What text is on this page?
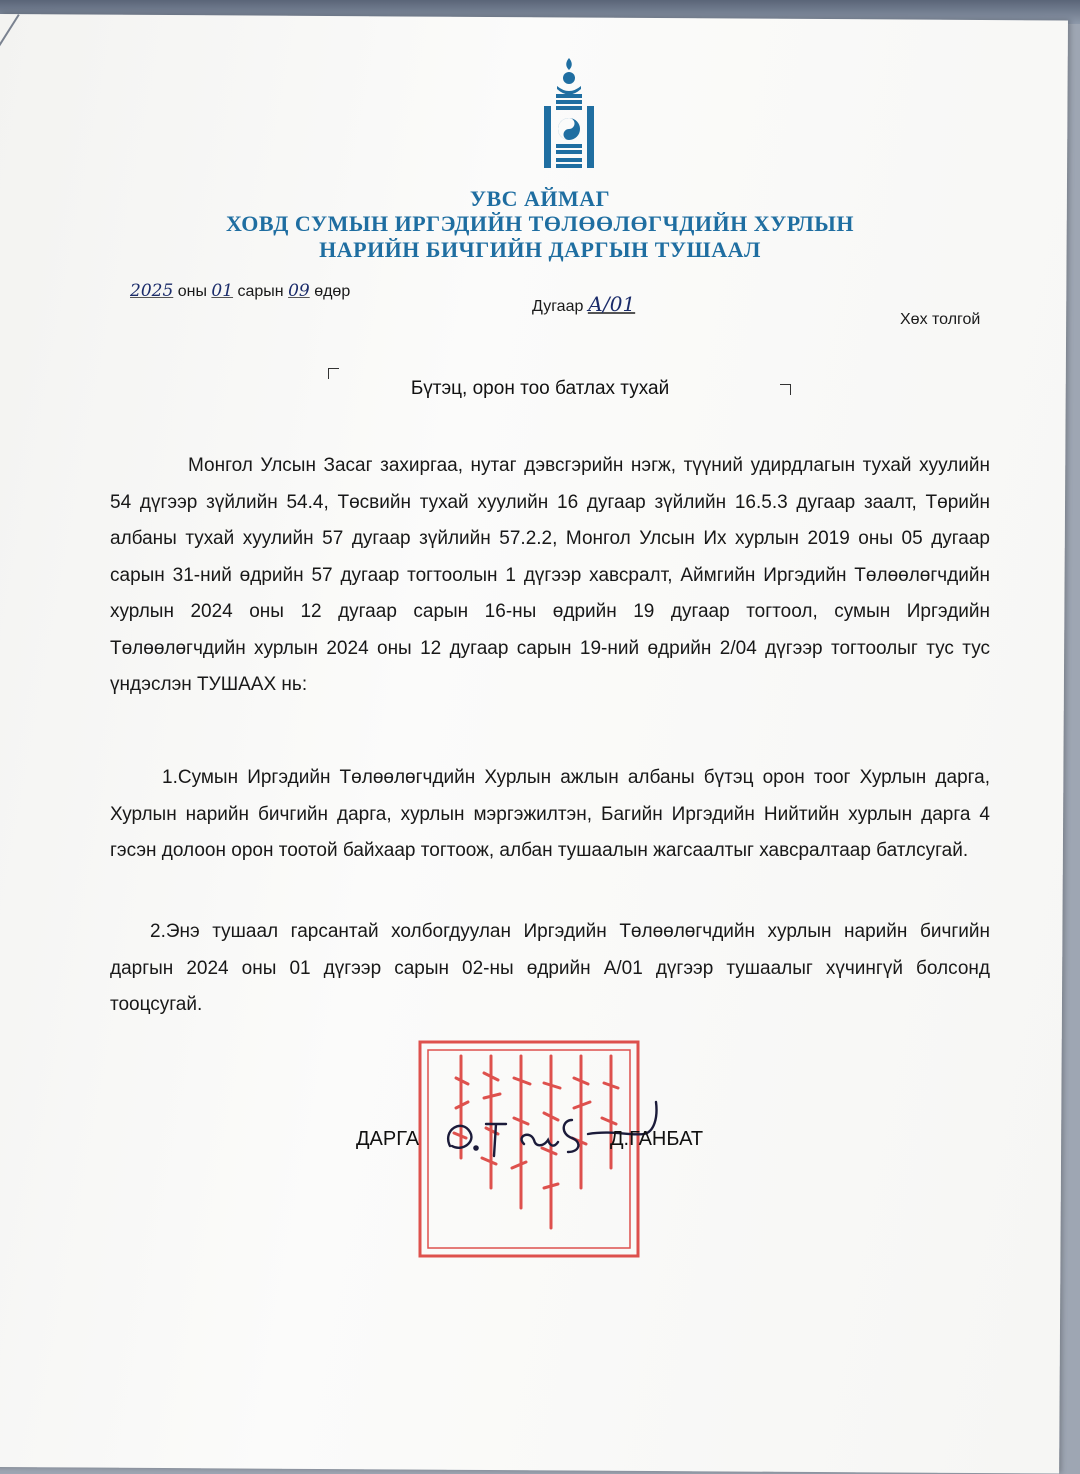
УВС АЙМАГ
ХОВД СУМЫН ИРГЭДИЙН ТӨЛӨӨЛӨГЧДИЙН ХУРЛЫН
НАРИЙН БИЧГИЙН ДАРГЫН ТУШААЛ
2025 оны 01 сарын 09 өдөр
Дугаар А/01
Хөх толгой
Бүтэц, орон тоо батлах тухай

Монгол Улсын Засаг захиргаа, нутаг дэвсгэрийн нэгж, түүний удирдлагын тухай хуулийн 54 дүгээр зүйлийн 54.4, Төсвийн тухай хуулийн 16 дугаар зүйлийн 16.5.3 дугаар заалт, Төрийн албаны тухай хуулийн 57 дугаар зүйлийн 57.2.2, Монгол Улсын Их хурлын 2019 оны 05 дугаар сарын 31-ний өдрийн 57 дугаар тогтоолын 1 дүгээр хавсралт, Аймгийн Иргэдийн Төлөөлөгчдийн хурлын 2024 оны 12 дугаар сарын 16-ны өдрийн 19 дугаар тогтоол, сумын Иргэдийн Төлөөлөгчдийн хурлын 2024 оны 12 дугаар сарын 19-ний өдрийн 2/04 дүгээр тогтоолыг тус тус үндэслэн ТУШААХ нь:

1.Сумын Иргэдийн Төлөөлөгчдийн Хурлын ажлын албаны бүтэц орон тоог Хурлын дарга, Хурлын нарийн бичгийн дарга, хурлын мэргэжилтэн, Багийн Иргэдийн Нийтийн хурлын дарга 4 гэсэн долоон орон тоотой байхаар тогтоож, албан тушаалын жагсаалтыг хавсралтаар батлсугай.

2.Энэ тушаал гарсантай холбогдуулан Иргэдийн Төлөөлөгчдийн хурлын нарийн бичгийн даргын 2024 оны 01 дүгээр сарын 02-ны өдрийн А/01 дүгээр тушаалыг хүчингүй болсонд тооцсугай.

ДАРГА	Д.ГАНБАТ
